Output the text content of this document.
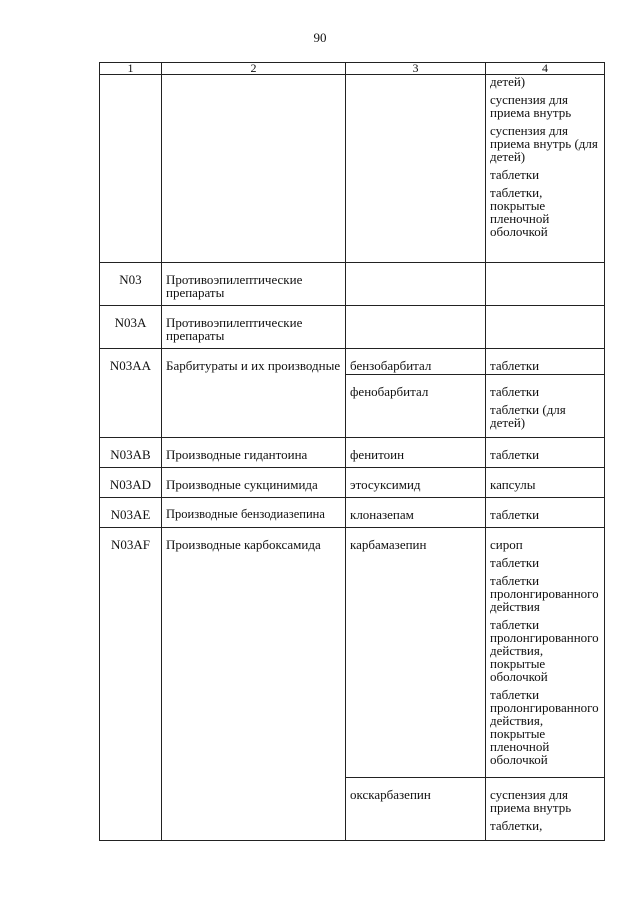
90
1	2	3	4

			детей)
суспензия для приема внутрь
суспензия для приема внутрь (для детей)
таблетки
таблетки, покрытые пленочной оболочкой

N03	Противоэпилептические препараты		
N03A	Противоэпилептические препараты		
N03AA	Барбитураты и их производные	бензобарбитал	таблетки

		фенобарбитал	таблетки
таблетки (для детей)

N03AB	Производные гидантоина	фенитоин	таблетки
N03AD	Производные сукцинимида	этосуксимид	капсулы
N03AE	Производные бензодиазепина	клоназепам	таблетки
N03AF	Производные карбоксамида	карбамазепин	сироп
таблетки
таблетки пролонгированного действия
таблетки пролонгированного действия, покрытые оболочкой
таблетки пролонгированного действия, покрытые пленочной оболочкой

		окскарбазепин	суспензия для приема внутрь
таблетки,
